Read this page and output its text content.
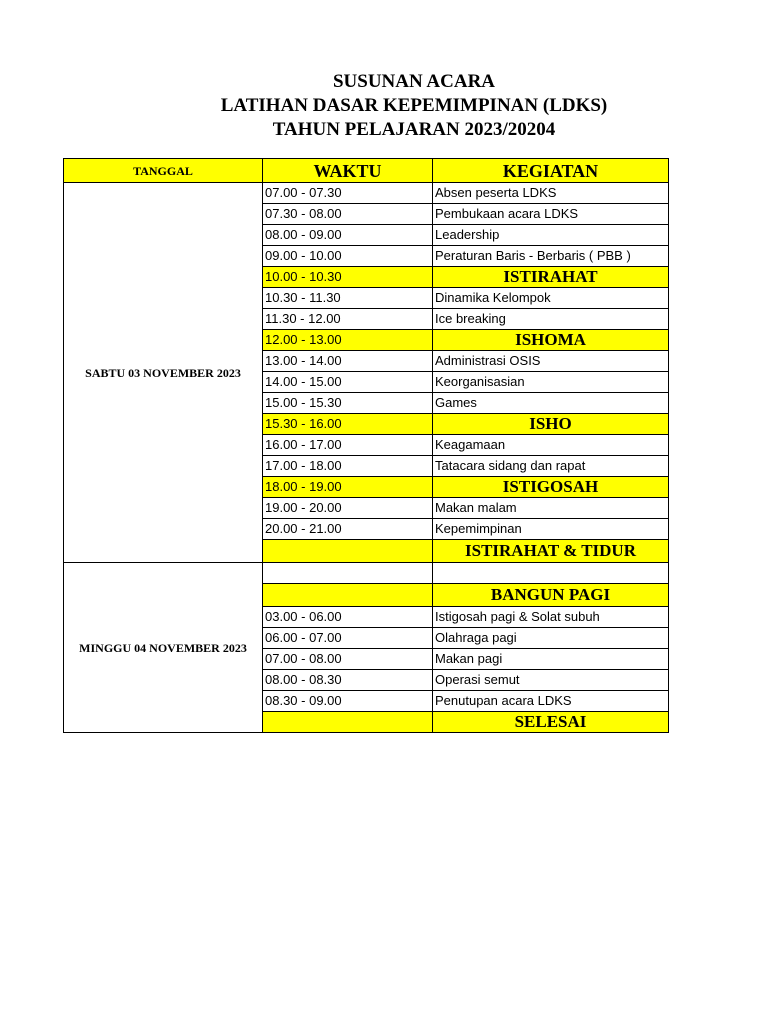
SUSUNAN ACARA
LATIHAN DASAR KEPEMIMPINAN (LDKS)
TAHUN PELAJARAN 2023/20204
TANGGAL	WAKTU	KEGIATAN
SABTU 03 NOVEMBER 2023	07.00 - 07.30	Absen peserta LDKS
	07.30 - 08.00	Pembukaan acara LDKS
	08.00 - 09.00	Leadership
	09.00 - 10.00	Peraturan Baris - Berbaris ( PBB )
	10.00 - 10.30	ISTIRAHAT
	10.30 - 11.30	Dinamika Kelompok
	11.30 - 12.00	Ice breaking
	12.00 - 13.00	ISHOMA
	13.00 - 14.00	Administrasi OSIS
	14.00 - 15.00	Keorganisasian
	15.00 - 15.30	Games
	15.30 - 16.00	ISHO
	16.00 - 17.00	Keagamaan
	17.00 - 18.00	Tatacara sidang dan rapat
	18.00 - 19.00	ISTIGOSAH
	19.00 - 20.00	Makan malam
	20.00 - 21.00	Kepemimpinan
		ISTIRAHAT & TIDUR
MINGGU 04 NOVEMBER 2023		
		BANGUN PAGI
	03.00 - 06.00	Istigosah pagi & Solat subuh
	06.00 - 07.00	Olahraga pagi
	07.00 - 08.00	Makan pagi
	08.00 - 08.30	Operasi semut
	08.30 - 09.00	Penutupan acara LDKS
		SELESAI
